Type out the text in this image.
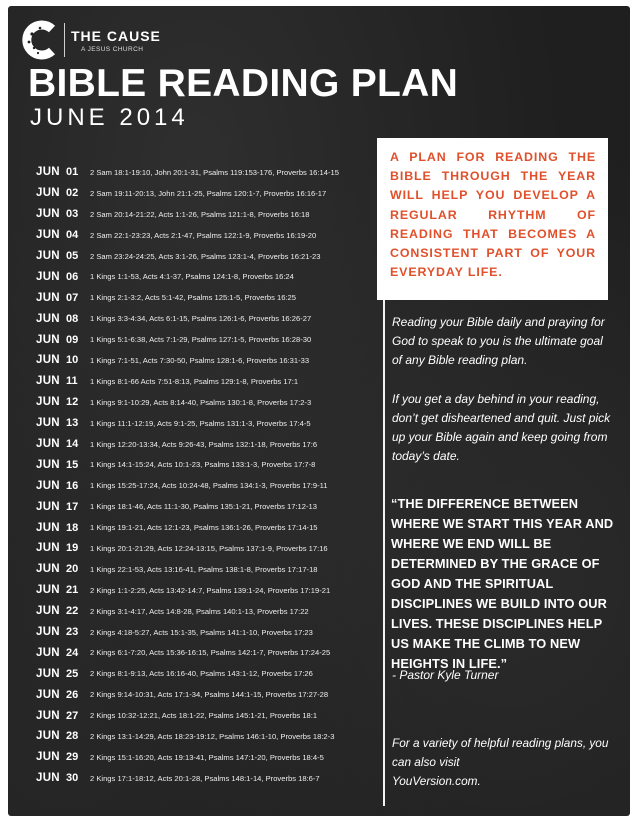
THE CAUSE
A JESUS CHURCH
BIBLE READING PLAN
JUNE 2014
JUN 01	2 Sam 18:1-19:10, John 20:1-31, Psalms 119:153-176, Proverbs 16:14-15
JUN 02	2 Sam 19:11-20:13, John 21:1-25, Psalms 120:1-7, Proverbs 16:16-17
JUN 03	2 Sam 20:14-21:22, Acts 1:1-26, Psalms 121:1-8, Proverbs 16:18
JUN 04	2 Sam 22:1-23:23, Acts 2:1-47, Psalms 122:1-9, Proverbs 16:19-20
JUN 05	2 Sam 23:24-24:25, Acts 3:1-26, Psalms 123:1-4, Proverbs 16:21-23
JUN 06	1 Kings 1:1-53, Acts 4:1-37, Psalms 124:1-8, Proverbs 16:24
JUN 07	1 Kings 2:1-3:2, Acts 5:1-42, Psalms 125:1-5, Proverbs 16:25
JUN 08	1 Kings 3:3-4:34, Acts 6:1-15, Psalms 126:1-6, Proverbs 16:26-27
JUN 09	1 Kings 5:1-6:38, Acts 7:1-29, Psalms 127:1-5, Proverbs 16:28-30
JUN 10	1 Kings 7:1-51, Acts 7:30-50, Psalms 128:1-6, Proverbs 16:31-33
JUN 11	1 Kings 8:1-66 Acts 7:51-8:13, Psalms 129:1-8, Proverbs 17:1
JUN 12	1 Kings 9:1-10:29, Acts 8:14-40, Psalms 130:1-8, Proverbs 17:2-3
JUN 13	1 Kings 11:1-12:19, Acts 9:1-25, Psalms 131:1-3, Proverbs 17:4-5
JUN 14	1 Kings 12:20-13:34, Acts 9:26-43, Psalms 132:1-18, Proverbs 17:6
JUN 15	1 Kings 14:1-15:24, Acts 10:1-23, Psalms 133:1-3, Proverbs 17:7-8
JUN 16	1 Kings 15:25-17:24, Acts 10:24-48, Psalms 134:1-3, Proverbs 17:9-11
JUN 17	1 Kings 18:1-46, Acts 11:1-30, Psalms 135:1-21, Proverbs 17:12-13
JUN 18	1 Kings 19:1-21, Acts 12:1-23, Psalms 136:1-26, Proverbs 17:14-15
JUN 19	1 Kings 20:1-21:29, Acts 12:24-13:15, Psalms 137:1-9, Proverbs 17:16
JUN 20	1 Kings 22:1-53, Acts 13:16-41, Psalms 138:1-8, Proverbs 17:17-18
JUN 21	2 Kings 1:1-2:25, Acts 13:42-14:7, Psalms 139:1-24, Proverbs 17:19-21
JUN 22	2 Kings 3:1-4:17, Acts 14:8-28, Psalms 140:1-13, Proverbs 17:22
JUN 23	2 Kings 4:18-5:27, Acts 15:1-35, Psalms 141:1-10, Proverbs 17:23
JUN 24	2 Kings 6:1-7:20, Acts 15:36-16:15, Psalms 142:1-7, Proverbs 17:24-25
JUN 25	2 Kings 8:1-9:13, Acts 16:16-40, Psalms 143:1-12, Proverbs 17:26
JUN 26	2 Kings 9:14-10:31, Acts 17:1-34, Psalms 144:1-15, Proverbs 17:27-28
JUN 27	2 Kings 10:32-12:21, Acts 18:1-22, Psalms 145:1-21, Proverbs 18:1
JUN 28	2 Kings 13:1-14:29, Acts 18:23-19:12, Psalms 146:1-10, Proverbs 18:2-3
JUN 29	2 Kings 15:1-16:20, Acts 19:13-41, Psalms 147:1-20, Proverbs 18:4-5
JUN 30	2 Kings 17:1-18:12, Acts 20:1-28, Psalms 148:1-14, Proverbs 18:6-7

A PLAN FOR READING THE BIBLE THROUGH THE YEAR WILL HELP YOU DEVELOP A REGULAR RHYTHM OF READING THAT BECOMES A CONSISTENT PART OF YOUR EVERYDAY LIFE.

Reading your Bible daily and praying for God to speak to you is the ultimate goal of any Bible reading plan.

If you get a day behind in your reading, don’t get disheartened and quit. Just pick up your Bible again and keep going from today’s date.

“THE DIFFERENCE BETWEEN WHERE WE START THIS YEAR AND WHERE WE END WILL BE DETERMINED BY THE GRACE OF GOD AND THE SPIRITUAL DISCIPLINES WE BUILD INTO OUR LIVES. THESE DISCIPLINES HELP US MAKE THE CLIMB TO NEW HEIGHTS IN LIFE.”

- Pastor Kyle Turner

For a variety of helpful reading plans, you can also visit
YouVersion.com.
